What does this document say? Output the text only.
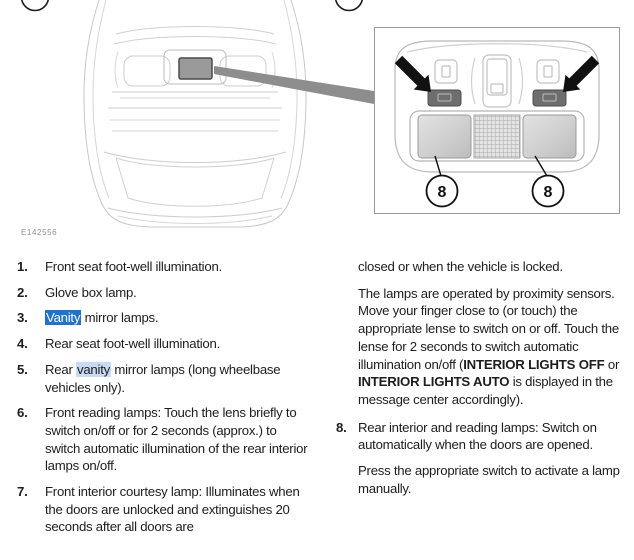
E142556
8	8
1.	Front seat foot-well illumination.
2.	Glove box lamp.
3.	Vanity mirror lamps.
4.	Rear seat foot-well illumination.
5.	Rear vanity mirror lamps (long wheelbase vehicles only).
6.	Front reading lamps: Touch the lens briefly to switch on/off or for 2 seconds (approx.) to switch automatic illumination of the rear interior lamps on/off.
7.	Front interior courtesy lamp: Illuminates when the doors are unlocked and extinguishes 20 seconds after all doors are

closed or when the vehicle is locked.

The lamps are operated by proximity sensors. Move your finger close to (or touch) the appropriate lense to switch on or off. Touch the lense for 2 seconds to switch automatic illumination on/off (INTERIOR LIGHTS OFF or INTERIOR LIGHTS AUTO is displayed in the message center accordingly).

8. Rear interior and reading lamps: Switch on automatically when the doors are opened.

Press the appropriate switch to activate a lamp manually.
